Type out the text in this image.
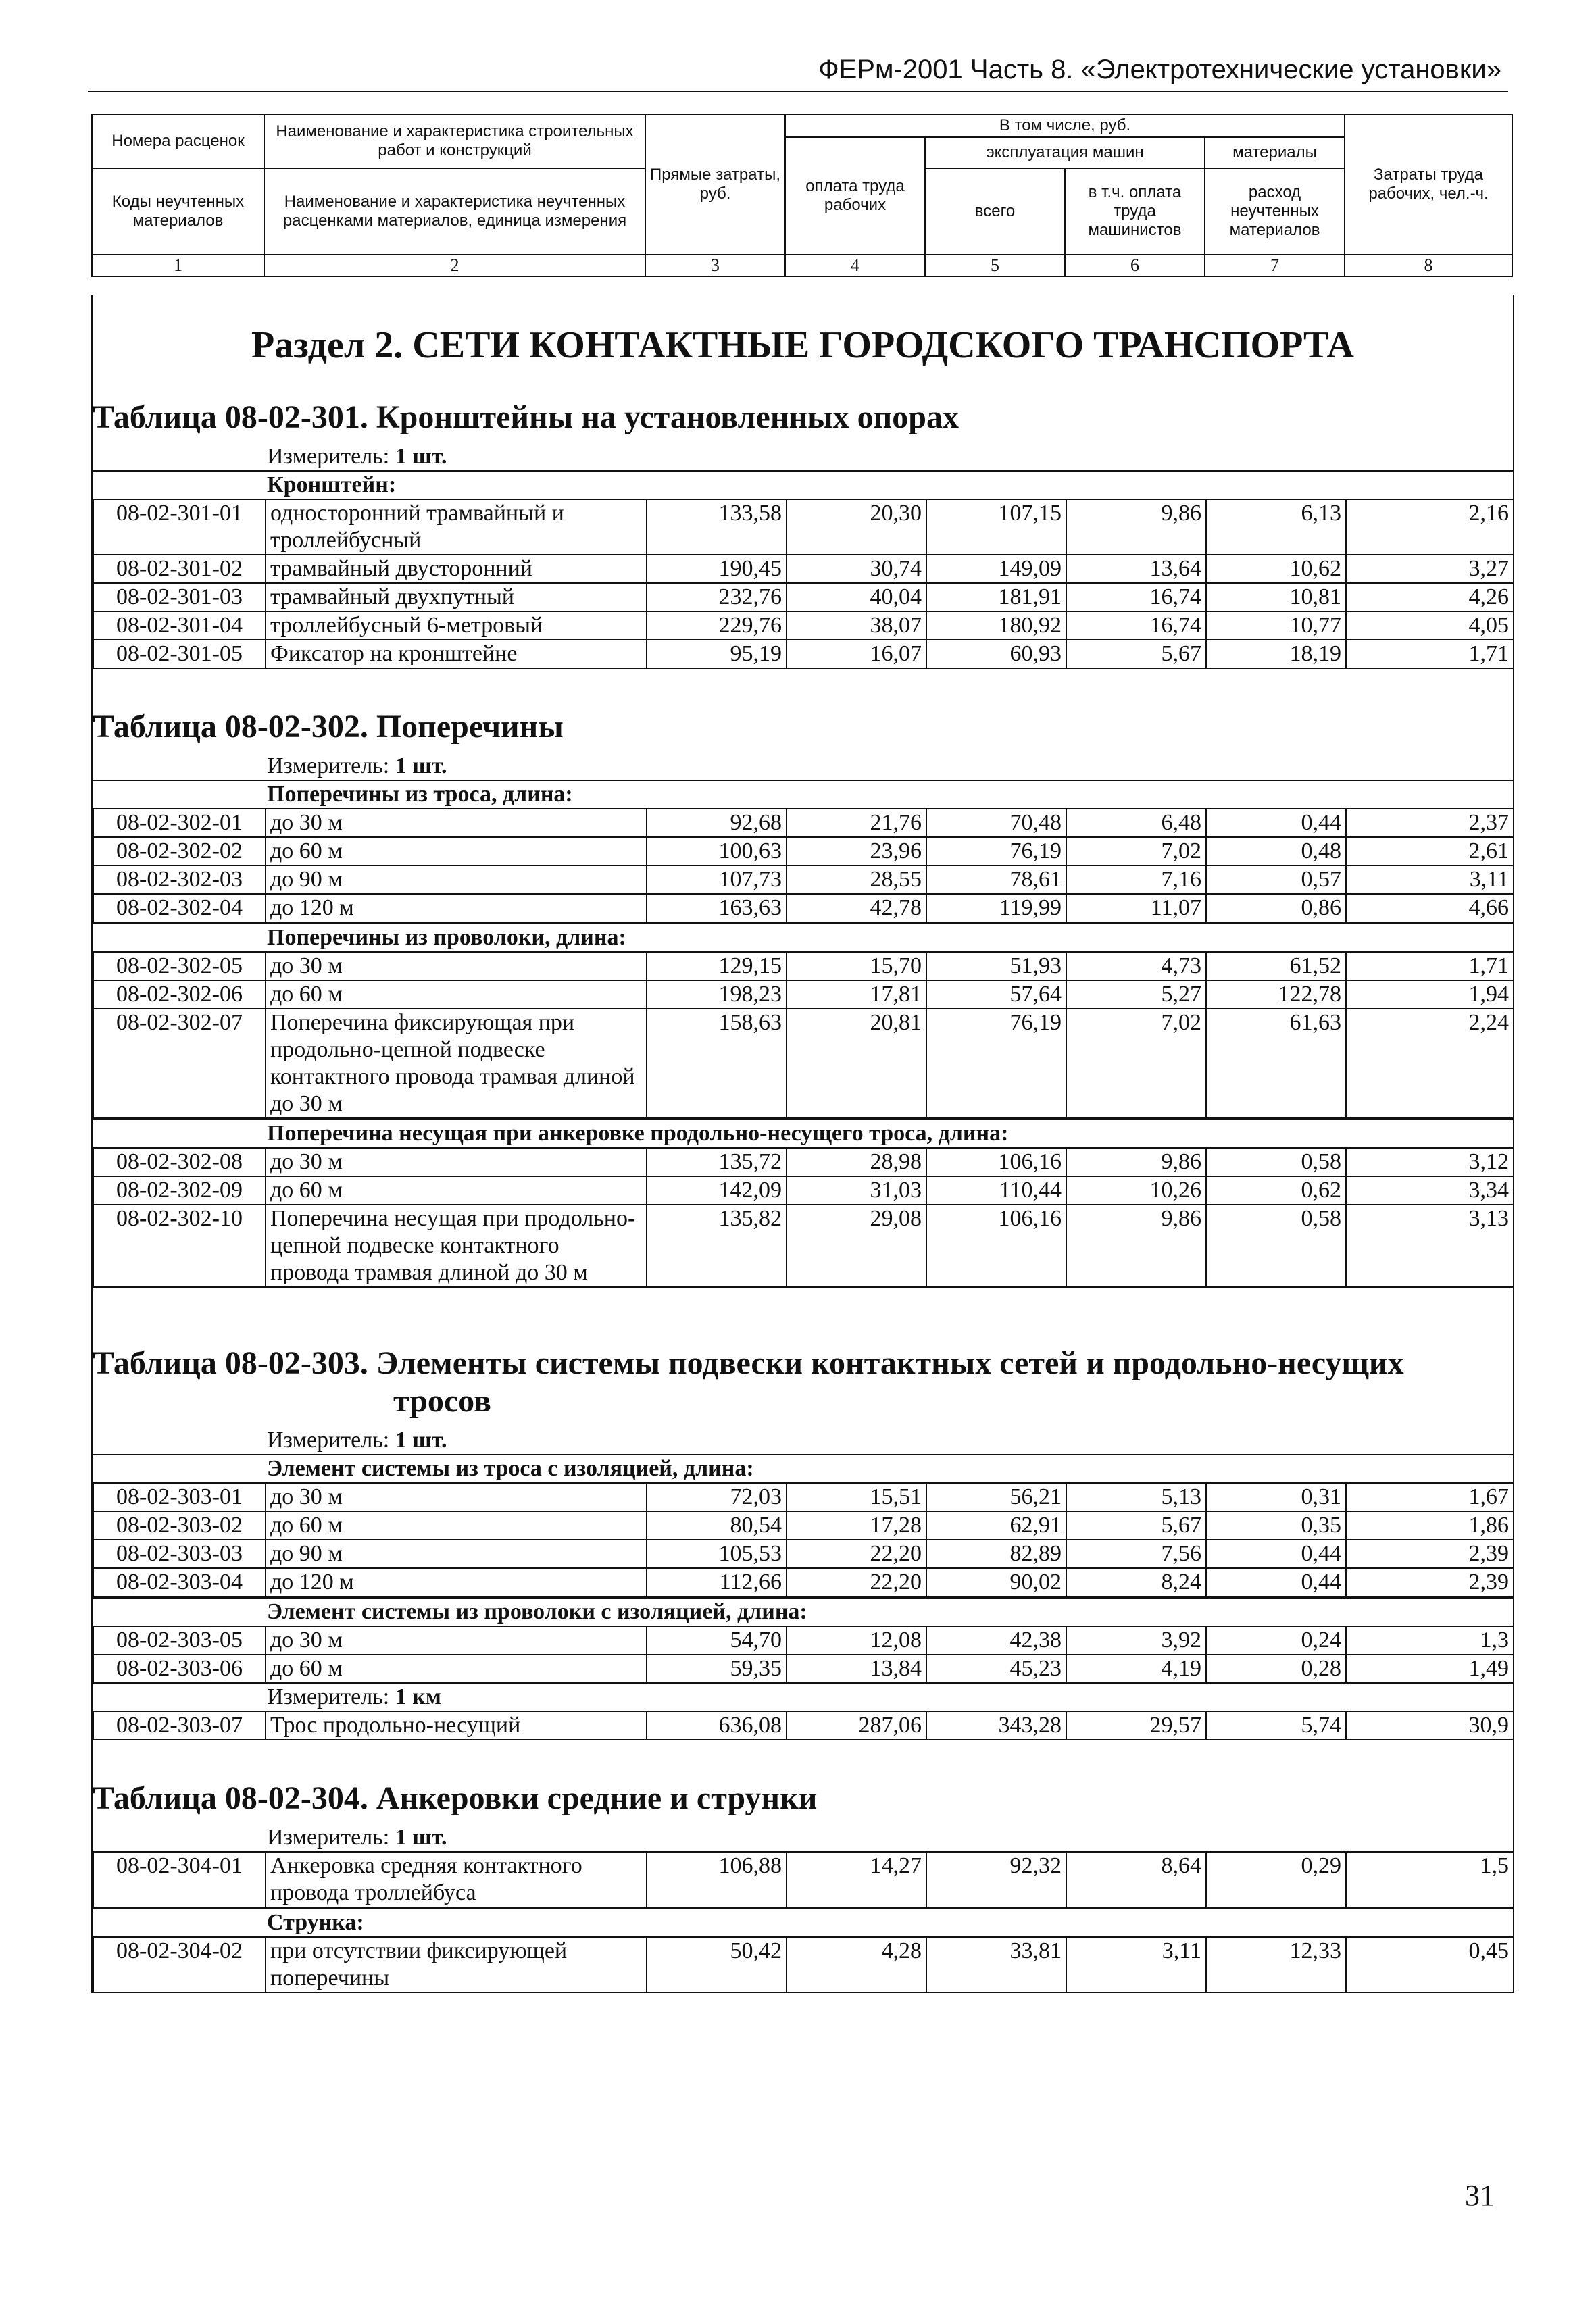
ФЕРм-2001 Часть 8. «Электротехнические установки»
Номера расценок	Наименование и характеристика строительных работ и конструкций	Прямые затраты, руб.	В том числе, руб.				Затраты труда рабочих, чел.-ч.
			оплата труда рабочих	эксплуатация машин		материалы	
Коды неучтенных материалов	Наименование и характеристика неучтенных расценками материалов, единица измерения			всего	в т.ч. оплата труда машинистов	расход неучтенных материалов	

1	2	3	4	5	6	7	8
Раздел 2. СЕТИ КОНТАКТНЫЕ ГОРОДСКОГО ТРАНСПОРТА
Таблица 08-02-301. Кронштейны на установленных опорах
Измеритель: 1 шт.
Кронштейн:
08-02-301-01	односторонний трамвайный и троллейбусный	133,58	20,30	107,15	9,86	6,13	2,16
08-02-301-02	трамвайный двусторонний	190,45	30,74	149,09	13,64	10,62	3,27
08-02-301-03	трамвайный двухпутный	232,76	40,04	181,91	16,74	10,81	4,26
08-02-301-04	троллейбусный 6-метровый	229,76	38,07	180,92	16,74	10,77	4,05
08-02-301-05	Фиксатор на кронштейне	95,19	16,07	60,93	5,67	18,19	1,71
Таблица 08-02-302. Поперечины
Измеритель: 1 шт.
Поперечины из троса, длина:
08-02-302-01	до 30 м	92,68	21,76	70,48	6,48	0,44	2,37
08-02-302-02	до 60 м	100,63	23,96	76,19	7,02	0,48	2,61
08-02-302-03	до 90 м	107,73	28,55	78,61	7,16	0,57	3,11
08-02-302-04	до 120 м	163,63	42,78	119,99	11,07	0,86	4,66
Поперечины из проволоки, длина:
08-02-302-05	до 30 м	129,15	15,70	51,93	4,73	61,52	1,71
08-02-302-06	до 60 м	198,23	17,81	57,64	5,27	122,78	1,94
08-02-302-07	Поперечина фиксирующая при продольно-цепной подвеске контактного провода трамвая длиной до 30 м	158,63	20,81	76,19	7,02	61,63	2,24
Поперечина несущая при анкеровке продольно-несущего троса, длина:
08-02-302-08	до 30 м	135,72	28,98	106,16	9,86	0,58	3,12
08-02-302-09	до 60 м	142,09	31,03	110,44	10,26	0,62	3,34
08-02-302-10	Поперечина несущая при продольно-цепной подвеске контактного провода трамвая длиной до 30 м	135,82	29,08	106,16	9,86	0,58	3,13
Таблица 08-02-303. Элементы системы подвески контактных сетей и продольно-несущих
тросов
Измеритель: 1 шт.
Элемент системы из троса с изоляцией, длина:
08-02-303-01	до 30 м	72,03	15,51	56,21	5,13	0,31	1,67
08-02-303-02	до 60 м	80,54	17,28	62,91	5,67	0,35	1,86
08-02-303-03	до 90 м	105,53	22,20	82,89	7,56	0,44	2,39
08-02-303-04	до 120 м	112,66	22,20	90,02	8,24	0,44	2,39
Элемент системы из проволоки с изоляцией, длина:
08-02-303-05	до 30 м	54,70	12,08	42,38	3,92	0,24	1,3
08-02-303-06	до 60 м	59,35	13,84	45,23	4,19	0,28	1,49
Измеритель: 1 км
08-02-303-07	Трос продольно-несущий	636,08	287,06	343,28	29,57	5,74	30,9
Таблица 08-02-304. Анкеровки средние и струнки
Измеритель: 1 шт.
08-02-304-01	Анкеровка средняя контактного провода троллейбуса	106,88	14,27	92,32	8,64	0,29	1,5
Струнка:
08-02-304-02	при отсутствии фиксирующей поперечины	50,42	4,28	33,81	3,11	12,33	0,45
31
